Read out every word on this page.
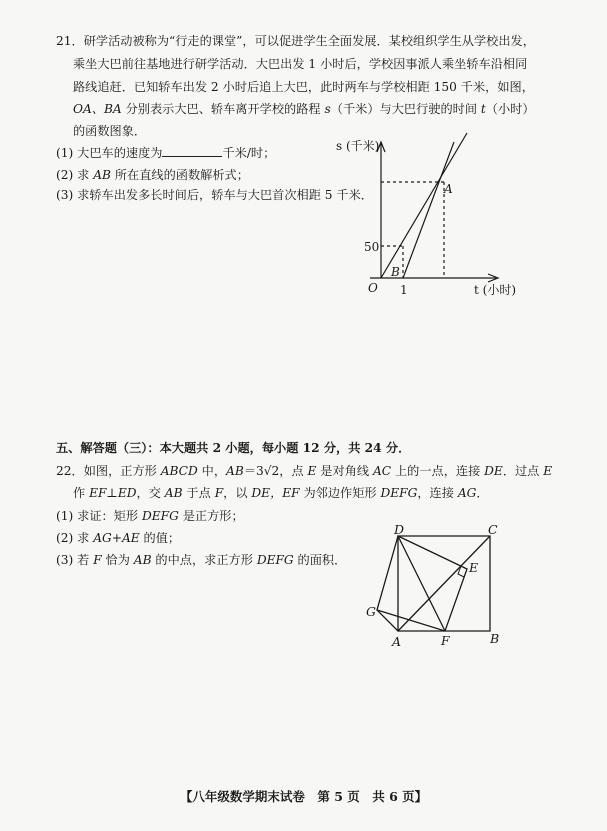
21．研学活动被称为“行走的课堂”，可以促进学生全面发展．某校组织学生从学校出发，
乘坐大巴前往基地进行研学活动．大巴出发 1 小时后，学校因事派人乘坐轿车沿相同
路线追赶．已知轿车出发 2 小时后追上大巴，此时两车与学校相距 150 千米，如图，
OA、BA 分别表示大巴、轿车离开学校的路程 s（千米）与大巴行驶的时间 t（小时）
的函数图象．
(1) 大巴车的速度为	千米/时；
(2) 求 AB 所在直线的函数解析式；
(3) 求轿车出发多长时间后，轿车与大巴首次相距 5 千米．
s (千米)
t (小时)
O
50
1
A
B
五、解答题（三）：本大题共 2 小题，每小题 12 分，共 24 分．
22．如图，正方形 ABCD 中，AB＝3√2，点 E 是对角线 AC 上的一点，连接 DE．过点 E
作 EF⊥ED，交 AB 于点 F，以 DE，EF 为邻边作矩形 DEFG，连接 AG．
(1) 求证：矩形 DEFG 是正方形；
(2) 求 AG+AE 的值；
(3) 若 F 恰为 AB 的中点，求正方形 DEFG 的面积．
D	C
E
G
A	F	B
【八年级数学期末试卷　第 5 页　共 6 页】
